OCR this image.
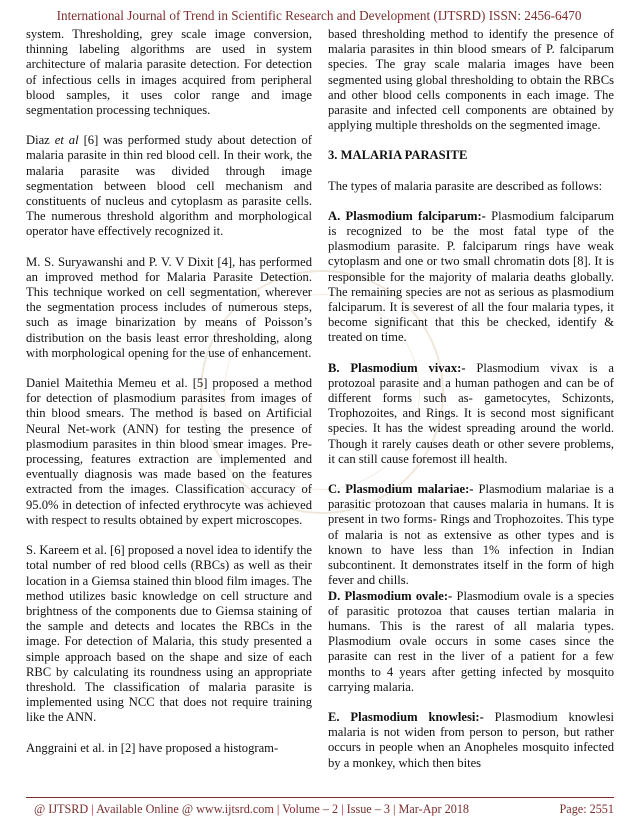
International Journal of Trend in Scientific Research and Development (IJTSRD) ISSN: 2456-6470

system. Thresholding, grey scale image conversion, thinning labeling algorithms are used in system architecture of malaria parasite detection. For detection of infectious cells in images acquired from peripheral blood samples, it uses color range and image segmentation processing techniques.

Diaz et al [6] was performed study about detection of malaria parasite in thin red blood cell. In their work, the malaria parasite was divided through image segmentation between blood cell mechanism and constituents of nucleus and cytoplasm as parasite cells. The numerous threshold algorithm and morphological operator have effectively recognized it.

M. S. Suryawanshi and P. V. V Dixit [4], has performed an improved method for Malaria Parasite Detection. This technique worked on cell segmentation, wherever the segmentation process includes of numerous steps, such as image binarization by means of Poisson’s distribution on the basis least error thresholding, along with morphological opening for the use of enhancement.

Daniel Maitethia Memeu et al. [5] proposed a method for detection of plasmodium parasites from images of thin blood smears. The method is based on Artificial Neural Net-work (ANN) for testing the presence of plasmodium parasites in thin blood smear images. Pre-processing, features extraction are implemented and eventually diagnosis was made based on the features extracted from the images. Classification accuracy of 95.0% in detection of infected erythrocyte was achieved with respect to results obtained by expert microscopes.

S. Kareem et al. [6] proposed a novel idea to identify the total number of red blood cells (RBCs) as well as their location in a Giemsa stained thin blood film images. The method utilizes basic knowledge on cell structure and brightness of the components due to Giemsa staining of the sample and detects and locates the RBCs in the image. For detection of Malaria, this study presented a simple approach based on the shape and size of each RBC by calculating its roundness using an appropriate threshold. The classification of malaria parasite is implemented using NCC that does not require training like the ANN.

Anggraini et al. in [2] have proposed a histogram-

based thresholding method to identify the presence of malaria parasites in thin blood smears of P. falciparum species. The gray scale malaria images have been segmented using global thresholding to obtain the RBCs and other blood cells components in each image. The parasite and infected cell components are obtained by applying multiple thresholds on the segmented image.

3. MALARIA PARASITE

The types of malaria parasite are described as follows:

A. Plasmodium falciparum:- Plasmodium falciparum is recognized to be the most fatal type of the plasmodium parasite. P. falciparum rings have weak cytoplasm and one or two small chromatin dots [8]. It is responsible for the majority of malaria deaths globally. The remaining species are not as serious as plasmodium falciparum. It is severest of all the four malaria types, it become significant that this be checked, identify & treated on time.

B. Plasmodium vivax:- Plasmodium vivax is a protozoal parasite and a human pathogen and can be of different forms such as- gametocytes, Schizonts, Trophozoites, and Rings. It is second most significant species. It has the widest spreading around the world. Though it rarely causes death or other severe problems, it can still cause foremost ill health.

C. Plasmodium malariae:- Plasmodium malariae is a parasitic protozoan that causes malaria in humans. It is present in two forms- Rings and Trophozoites. This type of malaria is not as extensive as other types and is known to have less than 1% infection in Indian subcontinent. It demonstrates itself in the form of high fever and chills.

D. Plasmodium ovale:- Plasmodium ovale is a species of parasitic protozoa that causes tertian malaria in humans. This is the rarest of all malaria types. Plasmodium ovale occurs in some cases since the parasite can rest in the liver of a patient for a few months to 4 years after getting infected by mosquito carrying malaria.

E. Plasmodium knowlesi:- Plasmodium knowlesi malaria is not widen from person to person, but rather occurs in people when an Anopheles mosquito infected by a monkey, which then bites

@ IJTSRD | Available Online @ www.ijtsrd.com | Volume – 2 | Issue – 3 | Mar-Apr 2018	Page: 2551
